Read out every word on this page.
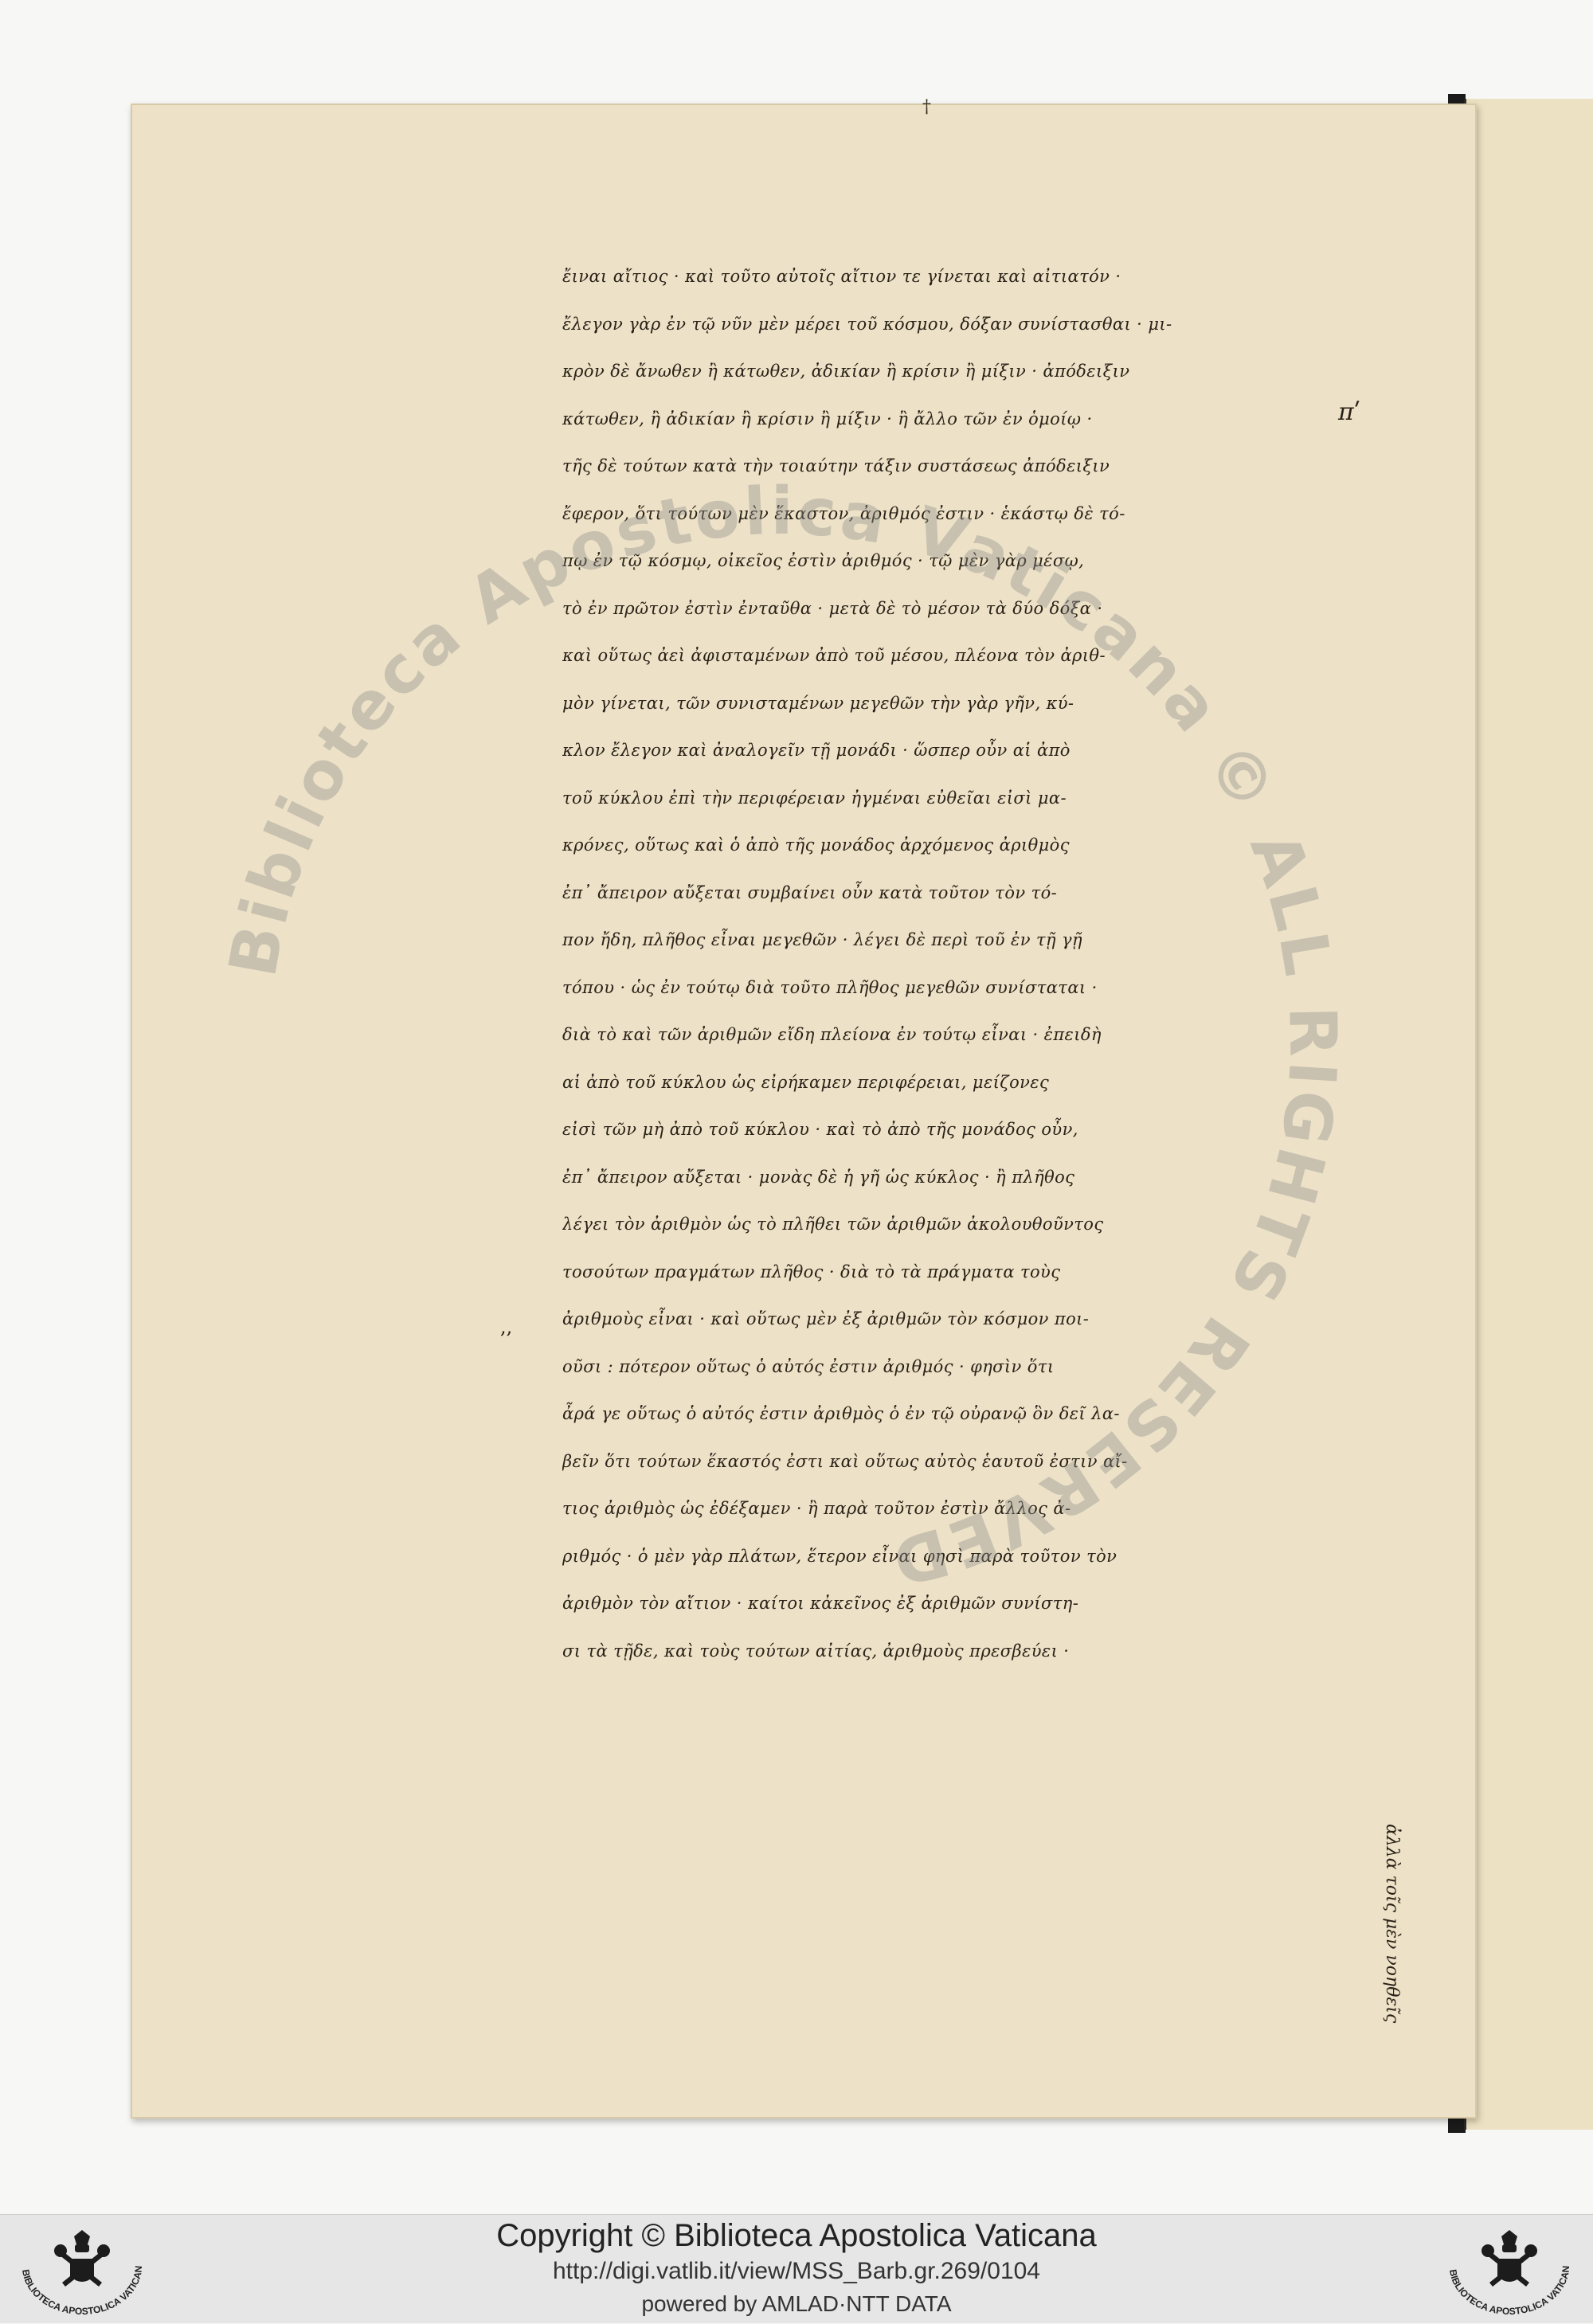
†
ἔιναι αἴτιος · καὶ τοῦτο αὐτοῖς αἴτιον τε γίνεται καὶ αἰτιατόν ·
ἔλεγον γὰρ ἐν τῷ νῦν μὲν μέρει τοῦ κόσμου, δόξαν συνίστασθαι · μι-
κρὸν δὲ ἄνωθεν ἢ κάτωθεν, ἀδικίαν ἢ κρίσιν ἢ μίξιν · ἀπόδειξιν
κάτωθεν, ἢ ἀδικίαν ἢ κρίσιν ἢ μίξιν · ἢ ἄλλο τῶν ἐν ὁμοίῳ ·
τῆς δὲ τούτων κατὰ τὴν τοιαύτην τάξιν συστάσεως ἀπόδειξιν
ἔφερον, ὅτι τούτων μὲν ἕκαστον, ἀριθμός ἐστιν · ἑκάστῳ δὲ τό-
πῳ ἐν τῷ κόσμῳ, οἰκεῖος ἐστὶν ἀριθμός · τῷ μὲν γὰρ μέσῳ,
τὸ ἐν πρῶτον ἐστὶν ἐνταῦθα · μετὰ δὲ τὸ μέσον τὰ δύο δόξα ·
καὶ οὕτως ἀεὶ ἀφισταμένων ἀπὸ τοῦ μέσου, πλέονα τὸν ἀριθ-
μὸν γίνεται, τῶν συνισταμένων μεγεθῶν τὴν γὰρ γῆν, κύ-
κλον ἔλεγον καὶ ἀναλογεῖν τῇ μονάδι · ὥσπερ οὖν αἱ ἀπὸ
τοῦ κύκλου ἐπὶ τὴν περιφέρειαν ἠγμέναι εὐθεῖαι εἰσὶ μα-
κρόνες, οὕτως καὶ ὁ ἀπὸ τῆς μονάδος ἀρχόμενος ἀριθμὸς
ἐπ᾿ ἄπειρον αὔξεται συμβαίνει οὖν κατὰ τοῦτον τὸν τό-
πον ἤδη, πλῆθος εἶναι μεγεθῶν · λέγει δὲ περὶ τοῦ ἐν τῇ γῇ
τόπου · ὡς ἐν τούτῳ διὰ τοῦτο πλῆθος μεγεθῶν συνίσταται ·
διὰ τὸ καὶ τῶν ἀριθμῶν εἴδη πλείονα ἐν τούτῳ εἶναι · ἐπειδὴ
αἱ ἀπὸ τοῦ κύκλου ὡς εἰρήκαμεν περιφέρειαι, μείζονες
εἰσὶ τῶν μὴ ἀπὸ τοῦ κύκλου · καὶ τὸ ἀπὸ τῆς μονάδος οὖν,
ἐπ᾿ ἄπειρον αὔξεται · μονὰς δὲ ἡ γῆ ὡς κύκλος · ἢ πλῆθος
λέγει τὸν ἀριθμὸν ὡς τὸ πλῆθει τῶν ἀριθμῶν ἀκολουθοῦντος
τοσούτων πραγμάτων πλῆθος · διὰ τὸ τὰ πράγματα τοὺς
ἀριθμοὺς εἶναι · καὶ οὕτως μὲν ἐξ ἀριθμῶν τὸν κόσμον ποι-
οῦσι : πότερον οὕτως ὁ αὐτός ἐστιν ἀριθμός · φησὶν ὅτι
ἆρά γε οὕτως ὁ αὐτός ἐστιν ἀριθμὸς ὁ ἐν τῷ οὐρανῷ ὃν δεῖ λα-
βεῖν ὅτι τούτων ἕκαστός ἐστι καὶ οὕτως αὐτὸς ἑαυτοῦ ἐστιν αἴ-
τιος ἀριθμὸς ὡς ἐδέξαμεν · ἢ παρὰ τοῦτον ἐστὶν ἄλλος ἀ-
ριθμός · ὁ μὲν γὰρ πλάτων, ἕτερον εἶναι φησὶ παρὰ τοῦτον τὸν
ἀριθμὸν τὸν αἴτιον · καίτοι κἀκεῖνος ἐξ ἀριθμῶν συνίστη-
σι τὰ τῇδε, καὶ τοὺς τούτων αἰτίας, ἀριθμοὺς πρεσβεύει ·
πʹ
,,
ἀλλὰ τοῖς μὲν νοηθεῖς
Biblioteca Apostolica Vaticana © ALL RIGHTS RESERVED
Copyright © Biblioteca Apostolica Vaticana
http://digi.vatlib.it/view/MSS_Barb.gr.269/0104
powered by AMLAD·NTT DATA
BIBLIOTECA APOSTOLICA VATICAN	BIBLIOTECA APOSTOLICA VATICAN
